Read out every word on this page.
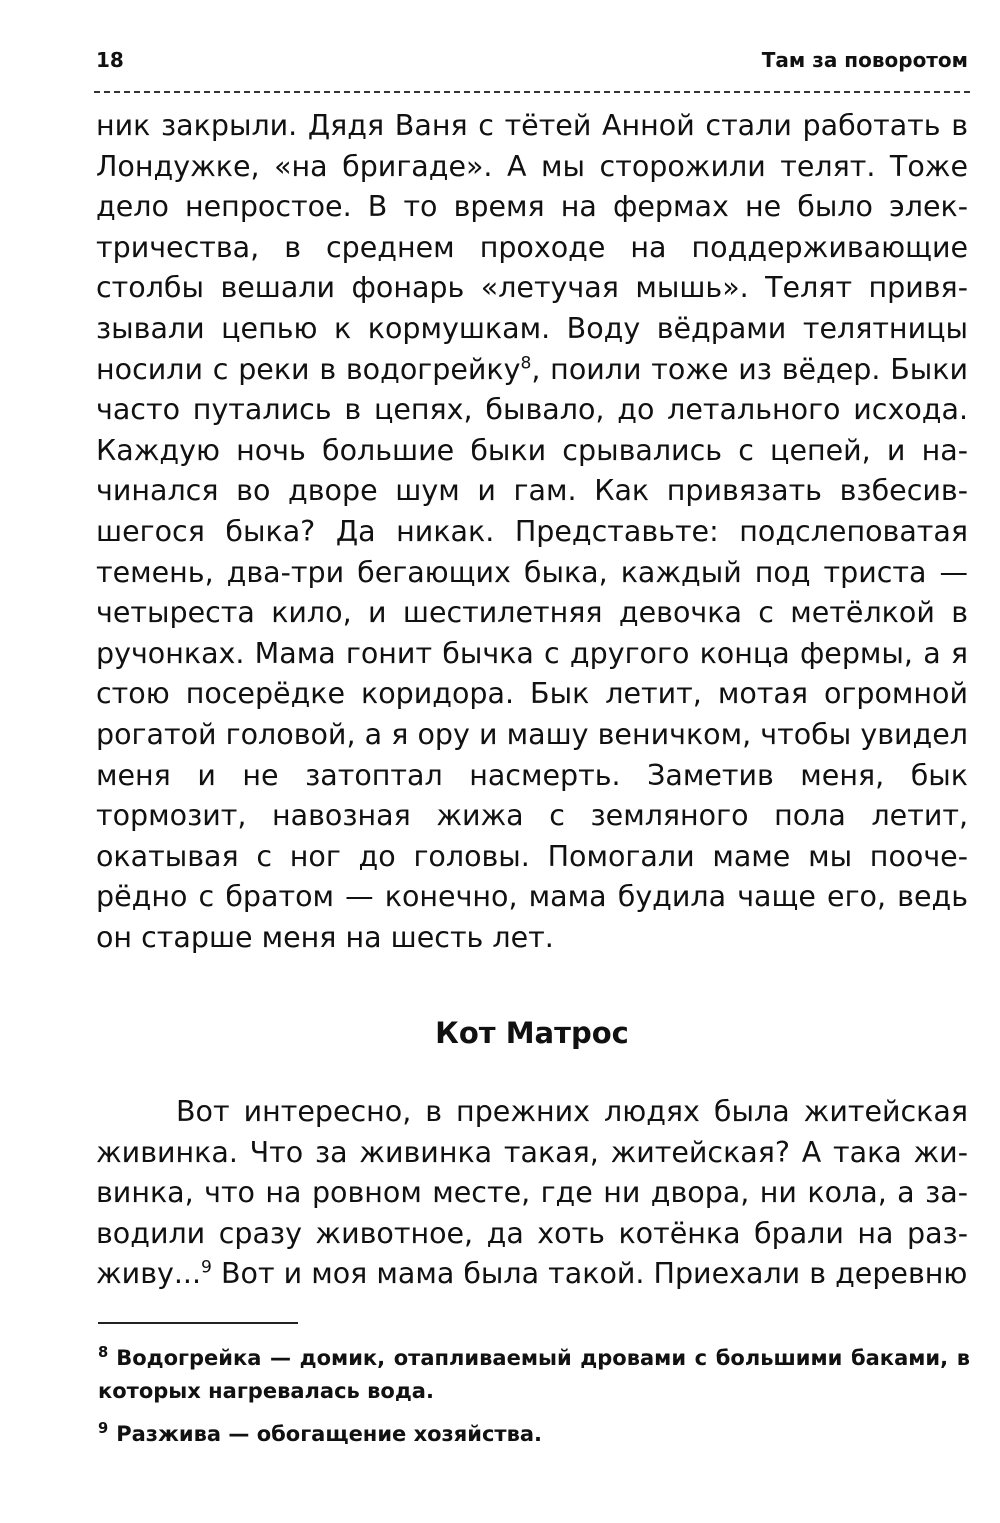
18	Там за поворотом

ник закрыли. Дядя Ваня с тётей Анной стали работать в Лондужке, «на бригаде». А мы сторожили телят. Тоже дело непростое. В то время на фермах не было электричества, в среднем проходе на поддерживающие столбы вешали фонарь «летучая мышь». Телят привязывали цепью к кормушкам. Воду вёдрами телятницы носили с реки в водогрейку$^8$, поили тоже из вёдер. Быки часто путались в цепях, бывало, до летального исхода. Каждую ночь большие быки срывались с цепей, и начинался во дворе шум и гам. Как привязать взбесившегося быка? Да никак. Представьте: подслеповатая темень, два-три бегающих быка, каждый под триста — четыреста кило, и шестилетняя девочка с метёлкой в ручонках. Мама гонит бычка с другого конца фермы, а я стою посерёдке коридора. Бык летит, мотая огромной рогатой головой, а я ору и машу веничком, чтобы увидел меня и не затоптал насмерть. Заметив меня, бык тормозит, навозная жижа с земляного пола летит, окатывая с ног до головы. Помогали маме мы поочерёдно с братом — конечно, мама будила чаще его, ведь он старше меня на шесть лет.

Кот Матрос

Вот интересно, в прежних людях была житейская живинка. Что за живинка такая, житейская? А така живинка, что на ровном месте, где ни двора, ни кола, а заводили сразу животное, да хоть котёнка брали на разживу...$^9$ Вот и моя мама была такой. Приехали в деревню

$^8$ Водогрейка — домик, отапливаемый дровами с большими баками, в которых нагревалась вода.

$^9$ Разжива — обогащение хозяйства.
